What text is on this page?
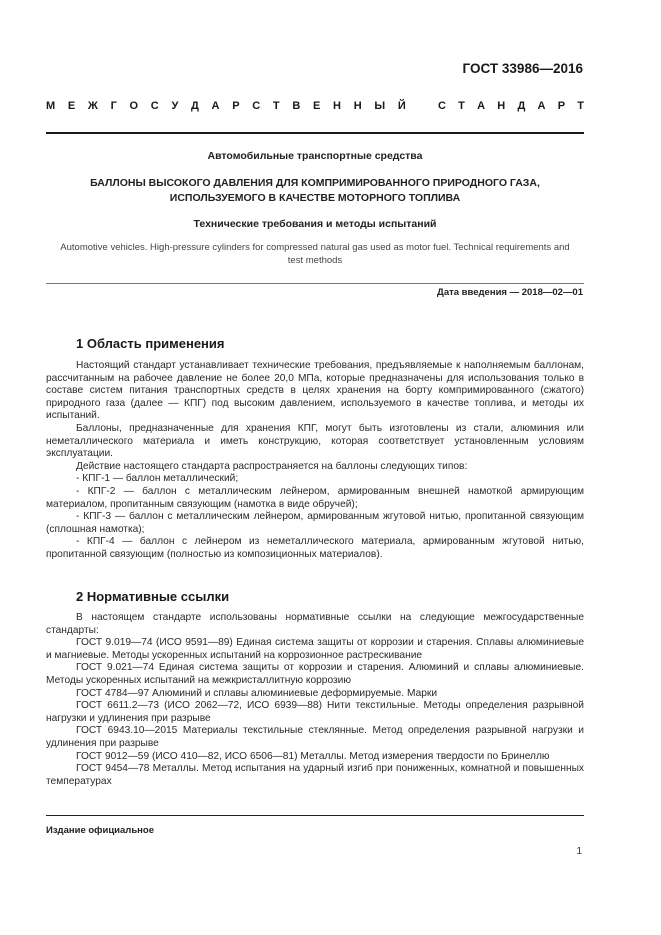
ГОСТ 33986—2016
М Е Ж Г О С У Д А Р С Т В Е Н Н Ы Й	С Т А Н Д А Р Т
Автомобильные транспортные средства
БАЛЛОНЫ ВЫСОКОГО ДАВЛЕНИЯ ДЛЯ КОМПРИМИРОВАННОГО ПРИРОДНОГО ГАЗА,
ИСПОЛЬЗУЕМОГО В КАЧЕСТВЕ МОТОРНОГО ТОПЛИВА
Технические требования и методы испытаний
Automotive vehicles. High-pressure cylinders for compressed natural gas used as motor fuel. Technical requirements and test methods
Дата введения — 2018—02—01
1 Область применения

Настоящий стандарт устанавливает технические требования, предъявляемые к наполняемым баллонам, рассчитанным на рабочее давление не более 20,0 МПа, которые предназначены для использования только в составе систем питания транспортных средств в целях хранения на борту компримированного (сжатого) природного газа (далее — КПГ) под высоким давлением, используемого в качестве топлива, и методы их испытаний.

Баллоны, предназначенные для хранения КПГ, могут быть изготовлены из стали, алюминия или неметаллического материала и иметь конструкцию, которая соответствует установленным условиям эксплуатации.

Действие настоящего стандарта распространяется на баллоны следующих типов:

- КПГ-1 — баллон металлический;

- КПГ-2 — баллон с металлическим лейнером, армированным внешней намоткой армирующим материалом, пропитанным связующим (намотка в виде обручей);

- КПГ-3 — баллон с металлическим лейнером, армированным жгутовой нитью, пропитанной связующим (сплошная намотка);

- КПГ-4 — баллон с лейнером из неметаллического материала, армированным жгутовой нитью, пропитанной связующим (полностью из композиционных материалов).

2 Нормативные ссылки

В настоящем стандарте использованы нормативные ссылки на следующие межгосударственные стандарты:

ГОСТ 9.019—74 (ИСО 9591—89) Единая система защиты от коррозии и старения. Сплавы алюминиевые и магниевые. Методы ускоренных испытаний на коррозионное растрескивание

ГОСТ 9.021—74 Единая система защиты от коррозии и старения. Алюминий и сплавы алюминиевые. Методы ускоренных испытаний на межкристаллитную коррозию

ГОСТ 4784—97 Алюминий и сплавы алюминиевые деформируемые. Марки

ГОСТ 6611.2—73 (ИСО 2062—72, ИСО 6939—88) Нити текстильные. Методы определения разрывной нагрузки и удлинения при разрыве

ГОСТ 6943.10—2015 Материалы текстильные стеклянные. Метод определения разрывной нагрузки и удлинения при разрыве

ГОСТ 9012—59 (ИСО 410—82, ИСО 6506—81) Металлы. Метод измерения твердости по Бринеллю

ГОСТ 9454—78 Металлы. Метод испытания на ударный изгиб при пониженных, комнатной и повышенных температурах

Издание официальное
1
